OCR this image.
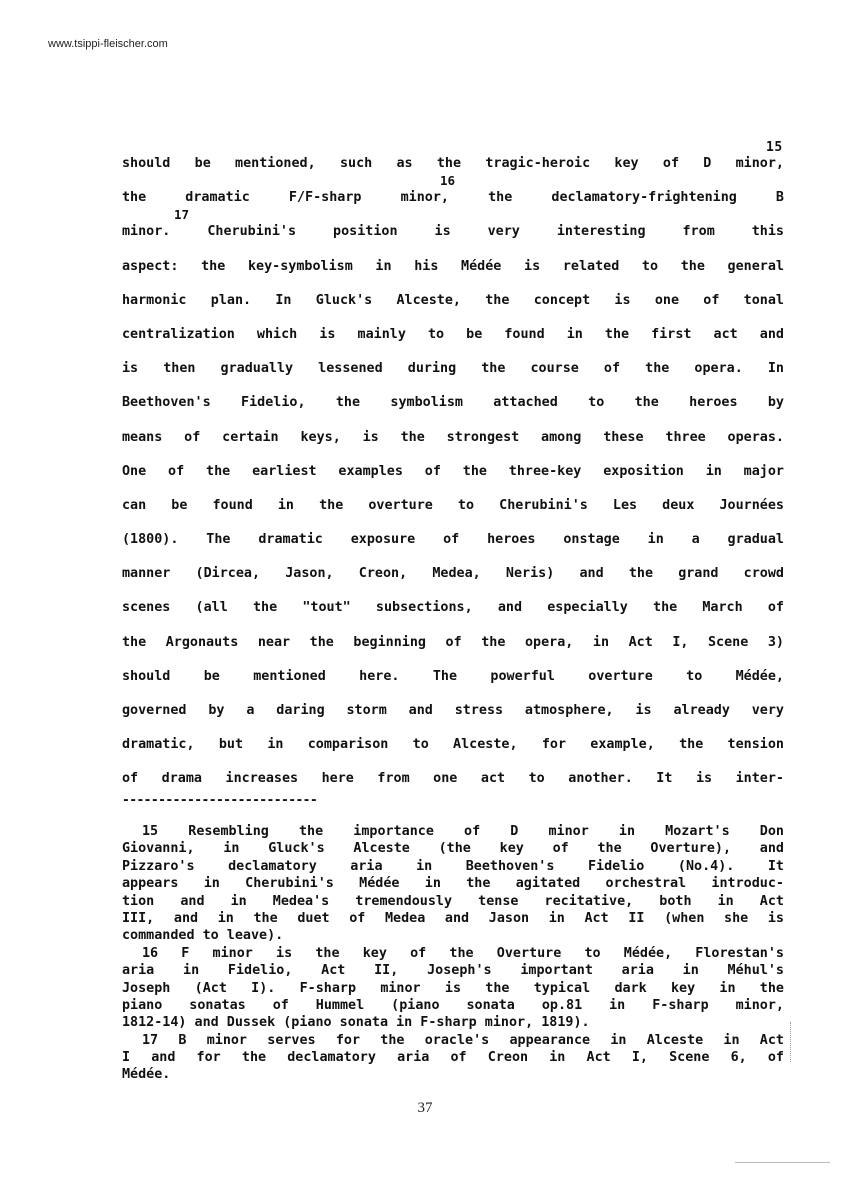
www.tsippi-fleischer.com
15
should be mentioned, such as the tragic-heroic key of D minor,
16
the dramatic F/F-sharp minor, the declamatory-frightening B
17
minor. Cherubini's position is very interesting from this
aspect: the key-symbolism in his Médée is related to the general
harmonic plan. In Gluck's Alceste, the concept is one of tonal
centralization which is mainly to be found in the first act and
is then gradually lessened during the course of the opera. In
Beethoven's Fidelio, the symbolism attached to the heroes by
means of certain keys, is the strongest among these three operas.
One of the earliest examples of the three-key exposition in major
can be found in the overture to Cherubini's Les deux Journées
(1800). The dramatic exposure of heroes onstage in a gradual
manner (Dircea, Jason, Creon, Medea, Neris) and the grand crowd
scenes (all the "tout" subsections, and especially the March of
the Argonauts near the beginning of the opera, in Act I, Scene 3)
should be mentioned here. The powerful overture to Médée,
governed by a daring storm and stress atmosphere, is already very
dramatic, but in comparison to Alceste, for example, the tension
of drama increases here from one act to another. It is inter-
---------------------------
15 Resembling the importance of D minor in Mozart's Don
Giovanni, in Gluck's Alceste (the key of the Overture), and
Pizzaro's declamatory aria in Beethoven's Fidelio (No.4). It
appears in Cherubini's Médée in the agitated orchestral introduc-
tion and in Medea's tremendously tense recitative, both in Act
III, and in the duet of Medea and Jason in Act II (when she is
commanded to leave).
16 F minor is the key of the Overture to Médée, Florestan's
aria in Fidelio, Act II, Joseph's important aria in Méhul's
Joseph (Act I). F-sharp minor is the typical dark key in the
piano sonatas of Hummel (piano sonata op.81 in F-sharp minor,
1812-14) and Dussek (piano sonata in F-sharp minor, 1819).
17 B minor serves for the oracle's appearance in Alceste in Act
I and for the declamatory aria of Creon in Act I, Scene 6, of
Médée.
37
